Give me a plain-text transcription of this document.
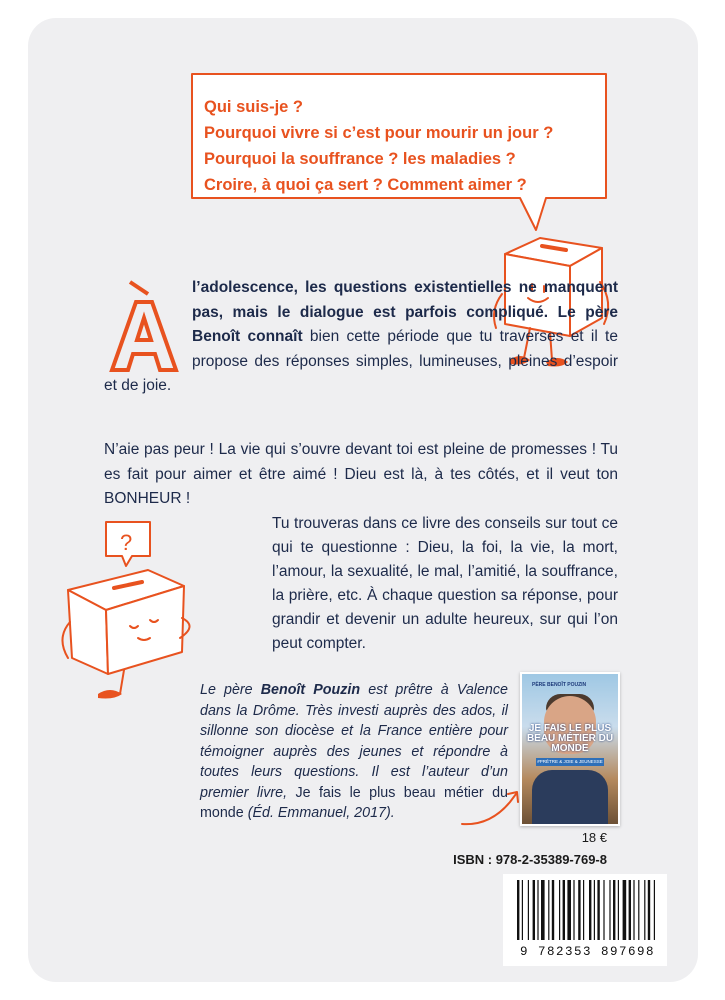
Qui suis-je ?
Pourquoi vivre si c’est pour mourir un jour ?
Pourquoi la souffrance ? les maladies ?
Croire, à quoi ça sert ? Comment aimer ?
l’adolescence, les questions existentielles ne manquent pas, mais le dialogue est parfois compliqué. Le père Benoît connaît bien cette période que tu traverses et il te propose des réponses simples, lumineuses, pleines d’espoir et de joie.
N’aie pas peur ! La vie qui s’ouvre devant toi est pleine de promesses ! Tu es fait pour aimer et être aimé ! Dieu est là, à tes côtés, et il veut ton BONHEUR !
?
Tu trouveras dans ce livre des conseils sur tout ce qui te questionne : Dieu, la foi, la vie, la mort, l’amour, la sexualité, le mal, l’amitié, la souffrance, la prière, etc. À chaque question sa réponse, pour grandir et devenir un adulte heureux, sur qui l’on peut compter.
Le père Benoît Pouzin est prêtre à Valence dans la Drôme. Très investi auprès des ados, il sillonne son diocèse et la France entière pour témoigner auprès des jeunes et répondre à toutes leurs questions. Il est l’auteur d’un premier livre, Je fais le plus beau métier du monde (Éd. Emmanuel, 2017).
PÈRE BENOÎT POUZIN
JE FAIS LE PLUS BEAU MÉTIER DU MONDE
#PRÊTRE & JOIE & JEUNESSE
18 €
ISBN : 978-2-35389-769-8
9 782353 897698
